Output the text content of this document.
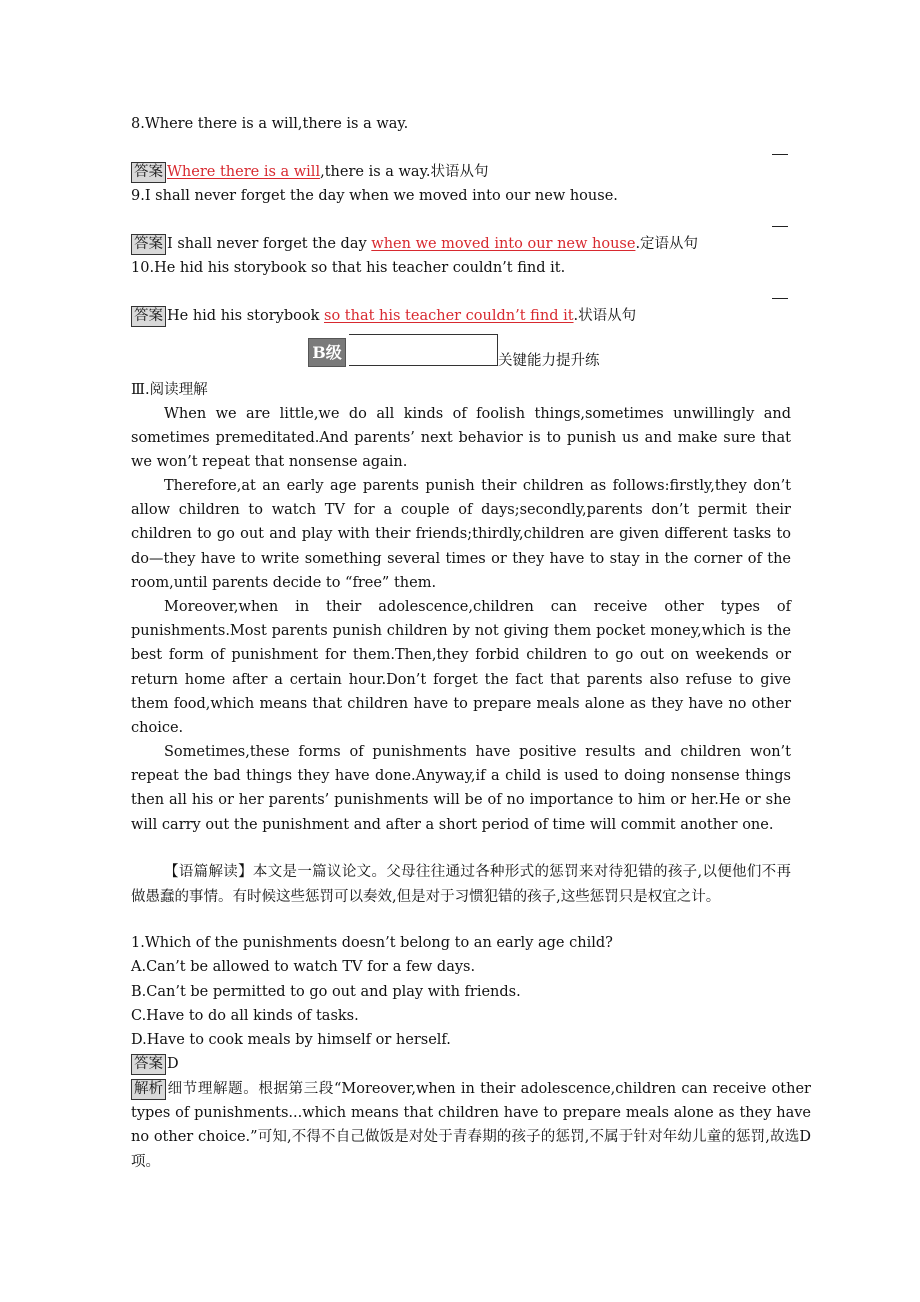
8.Where there is a will,there is a way.
答案 Where there is a will,there is a way.状语从句
9.I shall never forget the day when we moved into our new house.
答案 I shall never forget the day when we moved into our new house.定语从句
10.He hid his storybook so that his teacher couldn’t find it.
答案 He hid his storybook so that his teacher couldn’t find it.状语从句
B级	关键能力提升练
Ⅲ.阅读理解

When we are little,we do all kinds of foolish things,sometimes unwillingly and sometimes premeditated.And parents’ next behavior is to punish us and make sure that we won’t repeat that nonsense again.

Therefore,at an early age parents punish their children as follows:firstly,they don’t allow children to watch TV for a couple of days;secondly,parents don’t permit their children to go out and play with their friends;thirdly,children are given different tasks to do—they have to write something several times or they have to stay in the corner of the room,until parents decide to “free” them.

Moreover,when in their adolescence,children can receive other types of punishments.Most parents punish children by not giving them pocket money,which is the best form of punishment for them.Then,they forbid children to go out on weekends or return home after a certain hour.Don’t forget the fact that parents also refuse to give them food,which means that children have to prepare meals alone as they have no other choice.

Sometimes,these forms of punishments have positive results and children won’t repeat the bad things they have done.Anyway,if a child is used to doing nonsense things then all his or her parents’ punishments will be of no importance to him or her.He or she will carry out the punishment and after a short period of time will commit another one.

【语篇解读】本文是一篇议论文。父母往往通过各种形式的惩罚来对待犯错的孩子,以便他们不再做愚蠢的事情。有时候这些惩罚可以奏效,但是对于习惯犯错的孩子,这些惩罚只是权宜之计。

1.Which of the punishments doesn’t belong to an early age child?
A.Can’t be allowed to watch TV for a few days.
B.Can’t be permitted to go out and play with friends.
C.Have to do all kinds of tasks.
D.Have to cook meals by himself or herself.
答案 D
解析 细节理解题。根据第三段“Moreover,when in their adolescence,children can receive other types of punishments...which means that children have to prepare meals alone as they have no other choice.”可知,不得不自己做饭是对处于青春期的孩子的惩罚,不属于针对年幼儿童的惩罚,故选D项。
